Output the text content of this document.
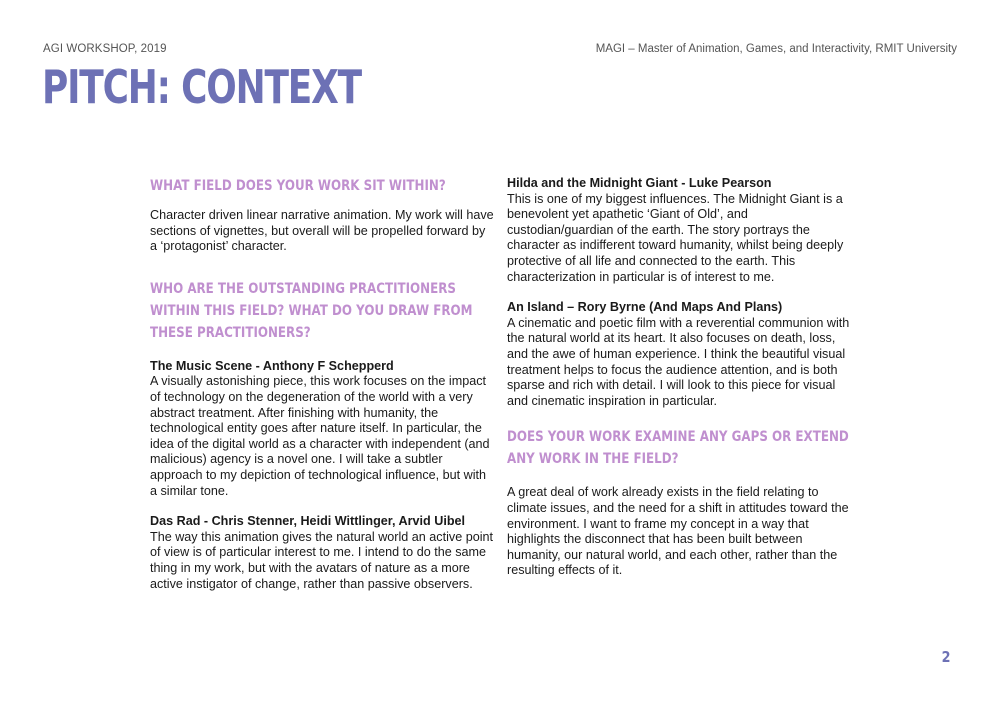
AGI WORKSHOP, 2019	MAGI – Master of Animation, Games, and Interactivity, RMIT University
PITCH: CONTEXT
WHAT FIELD DOES YOUR WORK SIT WITHIN?

Character driven linear narrative animation. My work will have sections of vignettes, but overall will be propelled forward by a ‘protagonist’ character.

WHO ARE THE OUTSTANDING PRACTITIONERS WITHIN THIS FIELD? WHAT DO YOU DRAW FROM THESE PRACTITIONERS?

The Music Scene - Anthony F Schepperd

A visually astonishing piece, this work focuses on the impact of technology on the degeneration of the world with a very abstract treatment. After finishing with humanity, the technological entity goes after nature itself. In particular, the idea of the digital world as a character with independent (and malicious) agency is a novel one. I will take a subtler approach to my depiction of technological influence, but with a similar tone.

Das Rad - Chris Stenner, Heidi Wittlinger, Arvid Uibel

The way this animation gives the natural world an active point of view is of particular interest to me. I intend to do the same thing in my work, but with the avatars of nature as a more active instigator of change, rather than passive observers.

Hilda and the Midnight Giant - Luke Pearson

This is one of my biggest influences. The Midnight Giant is a benevolent yet apathetic ‘Giant of Old’, and custodian/guardian of the earth. The story portrays the character as indifferent toward humanity, whilst being deeply protective of all life and connected to the earth. This characterization in particular is of interest to me.

An Island – Rory Byrne (And Maps And Plans)

A cinematic and poetic film with a reverential communion with the natural world at its heart. It also focuses on death, loss, and the awe of human experience. I think the beautiful visual treatment helps to focus the audience attention, and is both sparse and rich with detail. I will look to this piece for visual and cinematic inspiration in particular.

DOES YOUR WORK EXAMINE ANY GAPS OR EXTEND ANY WORK IN THE FIELD?

A great deal of work already exists in the field relating to climate issues, and the need for a shift in attitudes toward the environment. I want to frame my concept in a way that highlights the disconnect that has been built between humanity, our natural world, and each other, rather than the resulting effects of it.

2
